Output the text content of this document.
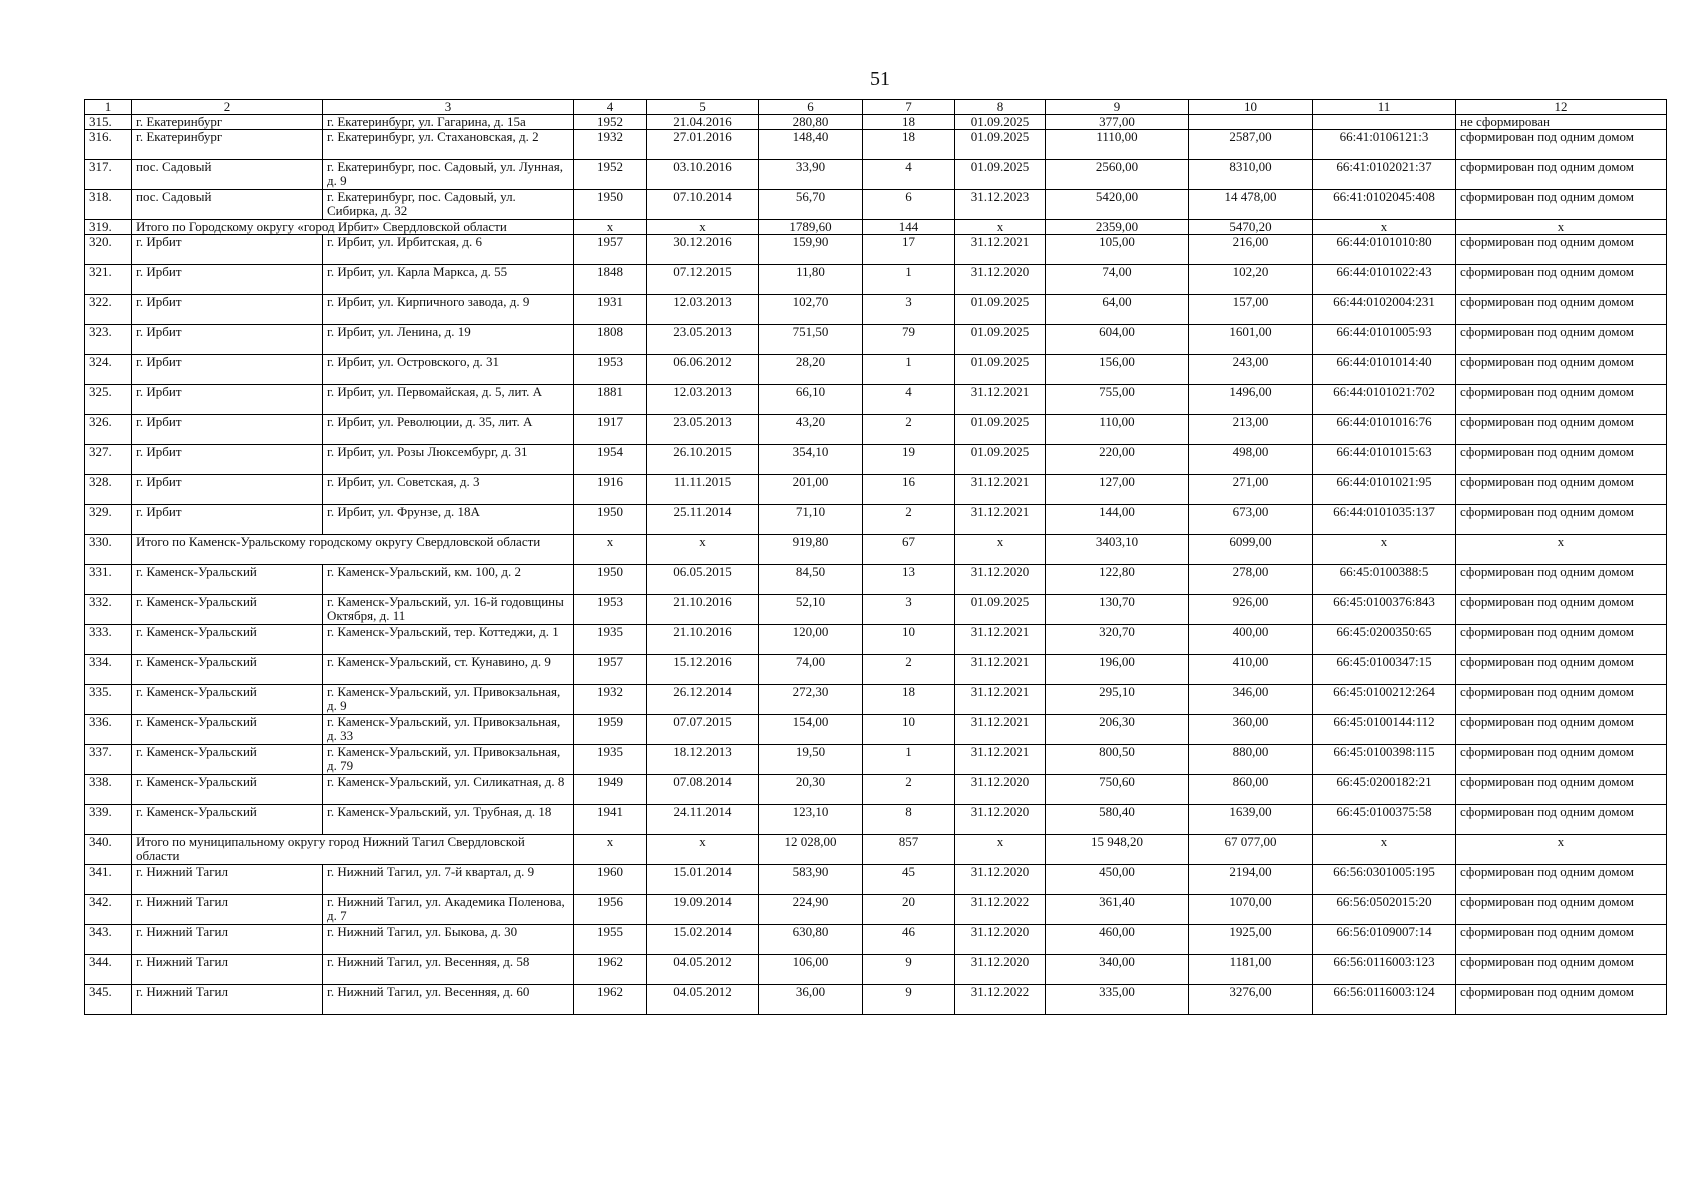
51
1	2	3	4	5	6	7	8	9	10	11	12
315.	г. Екатеринбург	г. Екатеринбург, ул. Гагарина, д. 15а	1952	21.04.2016	280,80	18	01.09.2025	377,00			не сформирован
316.	г. Екатеринбург	г. Екатеринбург, ул. Стахановская, д. 2	1932	27.01.2016	148,40	18	01.09.2025	1110,00	2587,00	66:41:0106121:3	сформирован под одним домом
317.	пос. Садовый	г. Екатеринбург, пос. Садовый, ул. Лунная, д. 9	1952	03.10.2016	33,90	4	01.09.2025	2560,00	8310,00	66:41:0102021:37	сформирован под одним домом
318.	пос. Садовый	г. Екатеринбург, пос. Садовый, ул. Сибирка, д. 32	1950	07.10.2014	56,70	6	31.12.2023	5420,00	14 478,00	66:41:0102045:408	сформирован под одним домом
319.	Итого по Городскому округу «город Ирбит» Свердловской области		х	х	1789,60	144	х	2359,00	5470,20	х	х
320.	г. Ирбит	г. Ирбит, ул. Ирбитская, д. 6	1957	30.12.2016	159,90	17	31.12.2021	105,00	216,00	66:44:0101010:80	сформирован под одним домом
321.	г. Ирбит	г. Ирбит, ул. Карла Маркса, д. 55	1848	07.12.2015	11,80	1	31.12.2020	74,00	102,20	66:44:0101022:43	сформирован под одним домом
322.	г. Ирбит	г. Ирбит, ул. Кирпичного завода, д. 9	1931	12.03.2013	102,70	3	01.09.2025	64,00	157,00	66:44:0102004:231	сформирован под одним домом
323.	г. Ирбит	г. Ирбит, ул. Ленина, д. 19	1808	23.05.2013	751,50	79	01.09.2025	604,00	1601,00	66:44:0101005:93	сформирован под одним домом
324.	г. Ирбит	г. Ирбит, ул. Островского, д. 31	1953	06.06.2012	28,20	1	01.09.2025	156,00	243,00	66:44:0101014:40	сформирован под одним домом
325.	г. Ирбит	г. Ирбит, ул. Первомайская, д. 5, лит. А	1881	12.03.2013	66,10	4	31.12.2021	755,00	1496,00	66:44:0101021:702	сформирован под одним домом
326.	г. Ирбит	г. Ирбит, ул. Революции, д. 35, лит. А	1917	23.05.2013	43,20	2	01.09.2025	110,00	213,00	66:44:0101016:76	сформирован под одним домом
327.	г. Ирбит	г. Ирбит, ул. Розы Люксембург, д. 31	1954	26.10.2015	354,10	19	01.09.2025	220,00	498,00	66:44:0101015:63	сформирован под одним домом
328.	г. Ирбит	г. Ирбит, ул. Советская, д. 3	1916	11.11.2015	201,00	16	31.12.2021	127,00	271,00	66:44:0101021:95	сформирован под одним домом
329.	г. Ирбит	г. Ирбит, ул. Фрунзе, д. 18А	1950	25.11.2014	71,10	2	31.12.2021	144,00	673,00	66:44:0101035:137	сформирован под одним домом
330.	Итого по Каменск-Уральскому городскому округу Свердловской области		х	х	919,80	67	х	3403,10	6099,00	х	х
331.	г. Каменск-Уральский	г. Каменск-Уральский, км. 100, д. 2	1950	06.05.2015	84,50	13	31.12.2020	122,80	278,00	66:45:0100388:5	сформирован под одним домом
332.	г. Каменск-Уральский	г. Каменск-Уральский, ул. 16-й годовщины Октября, д. 11	1953	21.10.2016	52,10	3	01.09.2025	130,70	926,00	66:45:0100376:843	сформирован под одним домом
333.	г. Каменск-Уральский	г. Каменск-Уральский, тер. Коттеджи, д. 1	1935	21.10.2016	120,00	10	31.12.2021	320,70	400,00	66:45:0200350:65	сформирован под одним домом
334.	г. Каменск-Уральский	г. Каменск-Уральский, ст. Кунавино, д. 9	1957	15.12.2016	74,00	2	31.12.2021	196,00	410,00	66:45:0100347:15	сформирован под одним домом
335.	г. Каменск-Уральский	г. Каменск-Уральский, ул. Привокзальная, д. 9	1932	26.12.2014	272,30	18	31.12.2021	295,10	346,00	66:45:0100212:264	сформирован под одним домом
336.	г. Каменск-Уральский	г. Каменск-Уральский, ул. Привокзальная, д. 33	1959	07.07.2015	154,00	10	31.12.2021	206,30	360,00	66:45:0100144:112	сформирован под одним домом
337.	г. Каменск-Уральский	г. Каменск-Уральский, ул. Привокзальная, д. 79	1935	18.12.2013	19,50	1	31.12.2021	800,50	880,00	66:45:0100398:115	сформирован под одним домом
338.	г. Каменск-Уральский	г. Каменск-Уральский, ул. Силикатная, д. 8	1949	07.08.2014	20,30	2	31.12.2020	750,60	860,00	66:45:0200182:21	сформирован под одним домом
339.	г. Каменск-Уральский	г. Каменск-Уральский, ул. Трубная, д. 18	1941	24.11.2014	123,10	8	31.12.2020	580,40	1639,00	66:45:0100375:58	сформирован под одним домом
340.	Итого по муниципальному округу город Нижний Тагил Свердловской области		х	х	12 028,00	857	х	15 948,20	67 077,00	х	х
341.	г. Нижний Тагил	г. Нижний Тагил, ул. 7-й квартал, д. 9	1960	15.01.2014	583,90	45	31.12.2020	450,00	2194,00	66:56:0301005:195	сформирован под одним домом
342.	г. Нижний Тагил	г. Нижний Тагил, ул. Академика Поленова, д. 7	1956	19.09.2014	224,90	20	31.12.2022	361,40	1070,00	66:56:0502015:20	сформирован под одним домом
343.	г. Нижний Тагил	г. Нижний Тагил, ул. Быкова, д. 30	1955	15.02.2014	630,80	46	31.12.2020	460,00	1925,00	66:56:0109007:14	сформирован под одним домом
344.	г. Нижний Тагил	г. Нижний Тагил, ул. Весенняя, д. 58	1962	04.05.2012	106,00	9	31.12.2020	340,00	1181,00	66:56:0116003:123	сформирован под одним домом
345.	г. Нижний Тагил	г. Нижний Тагил, ул. Весенняя, д. 60	1962	04.05.2012	36,00	9	31.12.2022	335,00	3276,00	66:56:0116003:124	сформирован под одним домом
